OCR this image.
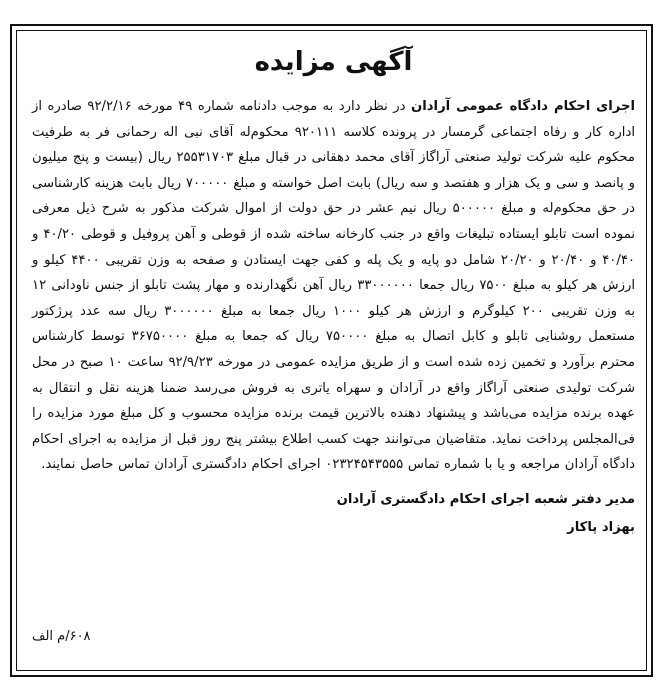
آگهی مزایده

اجرای احکام دادگاه عمومی آرادان در نظر دارد به موجب دادنامه شماره ۴۹ مورخه ۹۲/۲/۱۶ صادره از اداره کار و رفاه اجتماعی گرمسار در پرونده کلاسه ۹۲۰۱۱۱ محکوم‌له آقای نبی اله رحمانی فر به طرفیت محکوم علیه شرکت تولید صنعتی آراگاز آقای محمد دهقانی در قبال مبلغ ۲۵۵۳۱۷۰۳ ریال (بیست و پنج میلیون و پانصد و سی و یک هزار و هفتصد و سه ریال) بابت اصل خواسته و مبلغ ۷۰۰۰۰۰ ریال بابت هزینه کارشناسی در حق محکوم‌له و مبلغ ۵۰۰۰۰۰ ریال نیم عشر در حق دولت از اموال شرکت مذکور به شرح ذیل معرفی نموده است تابلو ایستاده تبلیغات واقع در جنب کارخانه ساخته شده از قوطی و آهن پروفیل و قوطی ۴۰/۲۰ و ۴۰/۴۰ و ۲۰/۴۰ و ۲۰/۲۰ شامل دو پایه و یک پله و کفی جهت ایستادن و صفحه به وزن تقریبی ۴۴۰۰ کیلو و ارزش هر کیلو به مبلغ ۷۵۰۰ ریال جمعا ۳۳۰۰۰۰۰۰ ریال آهن نگهدارنده و مهار پشت تابلو از جنس ناودانی ۱۲ به وزن تقریبی ۲۰۰ کیلوگرم و ارزش هر کیلو ۱۰۰۰ ریال جمعا به مبلغ ۳۰۰۰۰۰۰ ریال سه عدد پرژکتور مستعمل روشنایی تابلو و کابل اتصال به مبلغ ۷۵۰۰۰۰ ریال که جمعا به مبلغ ۳۶۷۵۰۰۰۰ توسط کارشناس محترم برآورد و تخمین زده شده است و از طریق مزایده عمومی در مورخه ۹۲/۹/۲۳ ساعت ۱۰ صبح در محل شرکت تولیدی صنعتی آراگاز واقع در آرادان و سهراه یاتری به فروش می‌رسد ضمنا هزینه نقل و انتقال به عهده برنده مزایده می‌باشد و پیشنهاد دهنده بالاترین قیمت برنده مزایده محسوب و کل مبلغ مورد مزایده را فی‌المجلس پرداخت نماید. متقاضیان می‌توانند جهت کسب اطلاع بیشتر پنج روز قبل از مزایده به اجرای احکام دادگاه آرادان مراجعه و یا با شماره تماس ۰۲۳۲۴۵۴۳۵۵۵ اجرای احکام دادگستری آرادان تماس حاصل نمایند.

مدیر دفتر شعبه اجرای احکام دادگستری آرادان
بهزاد پاکار
۶۰۸/م الف
